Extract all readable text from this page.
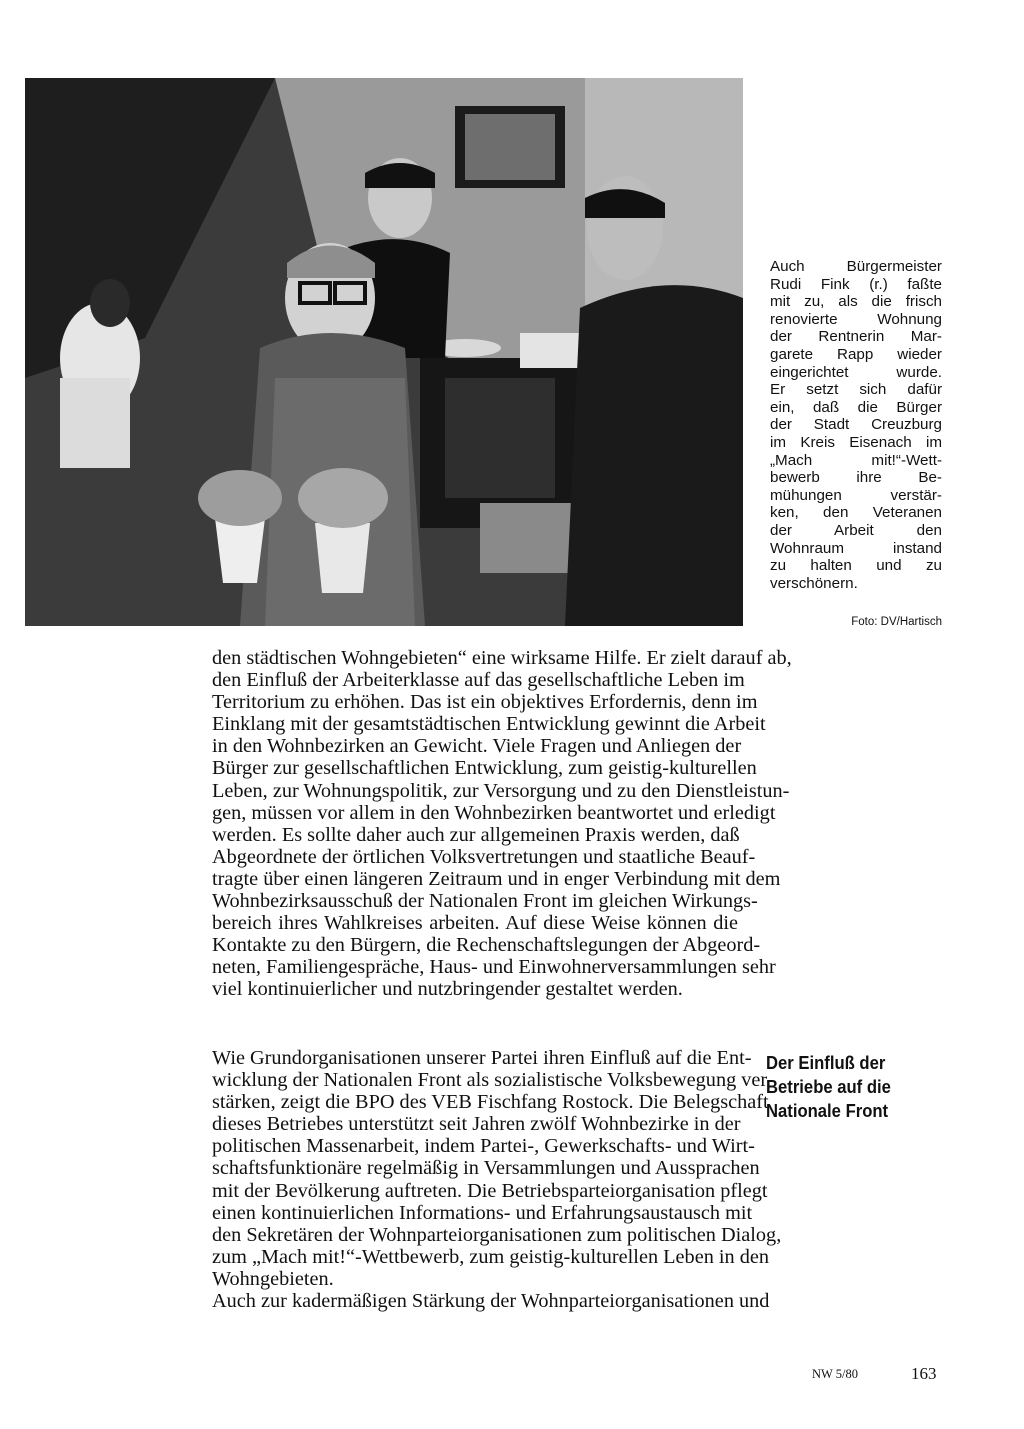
Auch Bürgermeister
Rudi Fink (r.) faßte
mit zu, als die frisch
renovierte Wohnung
der Rentnerin Mar-
garete Rapp wieder
eingerichtet wurde.
Er setzt sich dafür
ein, daß die Bürger
der Stadt Creuzburg
im Kreis Eisenach im
„Mach mit!“-Wett-
bewerb ihre Be-
mühungen verstär-
ken, den Veteranen
der Arbeit den
Wohnraum instand
zu halten und zu
verschönern.
Foto: DV/Hartisch
den städtischen Wohngebieten“ eine wirksame Hilfe. Er zielt darauf ab,
den Einfluß der Arbeiterklasse auf das gesellschaftliche Leben im
Territorium zu erhöhen. Das ist ein objektives Erfordernis, denn im
Einklang mit der gesamtstädtischen Entwicklung gewinnt die Arbeit
in den Wohnbezirken an Gewicht. Viele Fragen und Anliegen der
Bürger zur gesellschaftlichen Entwicklung, zum geistig-kulturellen
Leben, zur Wohnungspolitik, zur Versorgung und zu den Dienstleistun-
gen, müssen vor allem in den Wohnbezirken beantwortet und erledigt
werden. Es sollte daher auch zur allgemeinen Praxis werden, daß
Abgeordnete der örtlichen Volksvertretungen und staatliche Beauf-
tragte über einen längeren Zeitraum und in enger Verbindung mit dem
Wohnbezirksausschuß der Nationalen Front im gleichen Wirkungs-
bereich ihres Wahlkreises arbeiten. Auf diese Weise können die
Kontakte zu den Bürgern, die Rechenschaftslegungen der Abgeord-
neten, Familiengespräche, Haus- und Einwohnerversammlungen sehr
viel kontinuierlicher und nutzbringender gestaltet werden.
Wie Grundorganisationen unserer Partei ihren Einfluß auf die Ent-
wicklung der Nationalen Front als sozialistische Volksbewegung ver-
stärken, zeigt die BPO des VEB Fischfang Rostock. Die Belegschaft
dieses Betriebes unterstützt seit Jahren zwölf Wohnbezirke in der
politischen Massenarbeit, indem Partei-, Gewerkschafts- und Wirt-
schaftsfunktionäre regelmäßig in Versammlungen und Aussprachen
mit der Bevölkerung auftreten. Die Betriebsparteiorganisation pflegt
einen kontinuierlichen Informations- und Erfahrungsaustausch mit
den Sekretären der Wohnparteiorganisationen zum politischen Dialog,
zum „Mach mit!“-Wettbewerb, zum geistig-kulturellen Leben in den
Wohngebieten.
Auch zur kadermäßigen Stärkung der Wohnparteiorganisationen und
Der Einfluß der
Betriebe auf die
Nationale Front
NW 5/80	163
